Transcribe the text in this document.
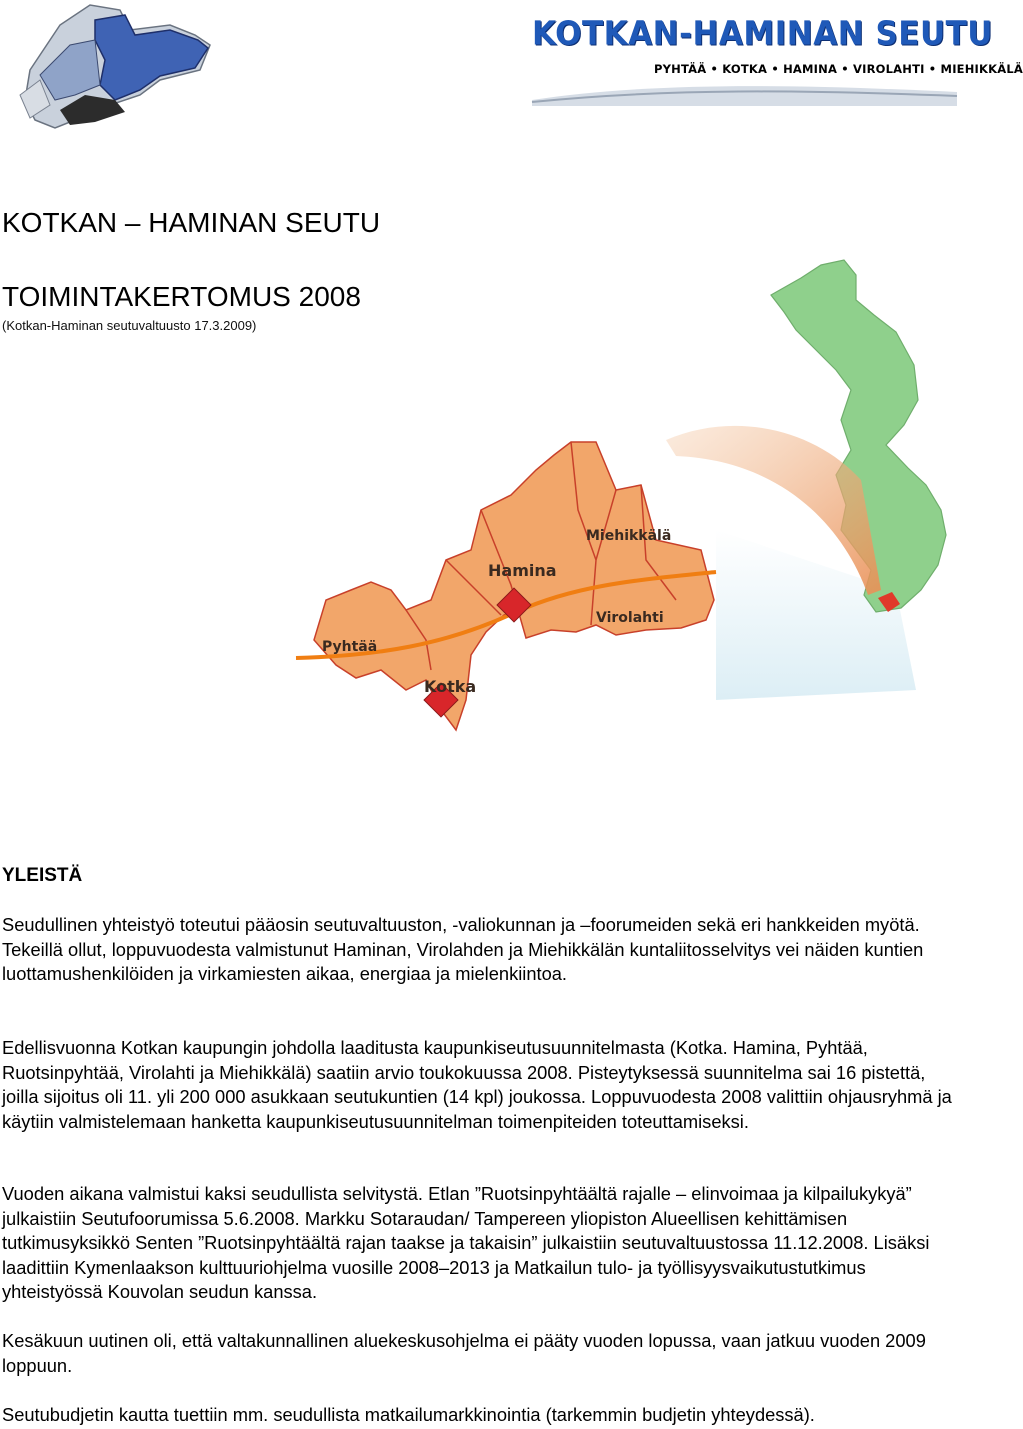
KOTKAN-HAMINAN SEUTU
PYHTÄÄ • KOTKA • HAMINA • VIROLAHTI • MIEHIKKÄLÄ
KOTKAN – HAMINAN SEUTU
TOIMINTAKERTOMUS 2008
(Kotkan-Haminan seutuvaltuusto 17.3.2009)
Pyhtää
Hamina
Miehikkälä
Virolahti
Kotka
YLEISTÄ

Seudullinen yhteistyö toteutui pääosin seutuvaltuuston, -valiokunnan ja –foorumeiden sekä eri hankkeiden myötä. Tekeillä ollut, loppuvuodesta valmistunut Haminan, Virolahden ja Miehikkälän kuntaliitosselvitys vei näiden kuntien luottamushenkilöiden ja virkamiesten aikaa, energiaa ja mielenkiintoa.

Edellisvuonna Kotkan kaupungin johdolla laaditusta kaupunkiseutusuunnitelmasta (Kotka. Hamina, Pyhtää, Ruotsinpyhtää, Virolahti ja Miehikkälä) saatiin arvio toukokuussa 2008. Pisteytyksessä suunnitelma sai 16 pistettä, joilla sijoitus oli 11. yli 200 000 asukkaan seutukuntien (14 kpl) joukossa. Loppuvuodesta 2008 valittiin ohjausryhmä ja käytiin valmistelemaan hanketta kaupunkiseutusuunnitelman toimenpiteiden toteuttamiseksi.

Vuoden aikana valmistui kaksi seudullista selvitystä. Etlan ”Ruotsinpyhtäältä rajalle – elinvoimaa ja kilpailukykyä” julkaistiin Seutufoorumissa 5.6.2008. Markku Sotaraudan/ Tampereen yliopiston Alueellisen kehittämisen tutkimusyksikkö Senten ”Ruotsinpyhtäältä rajan taakse ja takaisin” julkaistiin seutuvaltuustossa 11.12.2008. Lisäksi laadittiin Kymenlaakson kulttuuriohjelma vuosille 2008–2013 ja Matkailun tulo- ja työllisyysvaikutustutkimus yhteistyössä Kouvolan seudun kanssa.

Kesäkuun uutinen oli, että valtakunnallinen aluekeskusohjelma ei pääty vuoden lopussa, vaan jatkuu vuoden 2009 loppuun.

Seutubudjetin kautta tuettiin mm. seudullista matkailumarkkinointia (tarkemmin budjetin yhteydessä).
